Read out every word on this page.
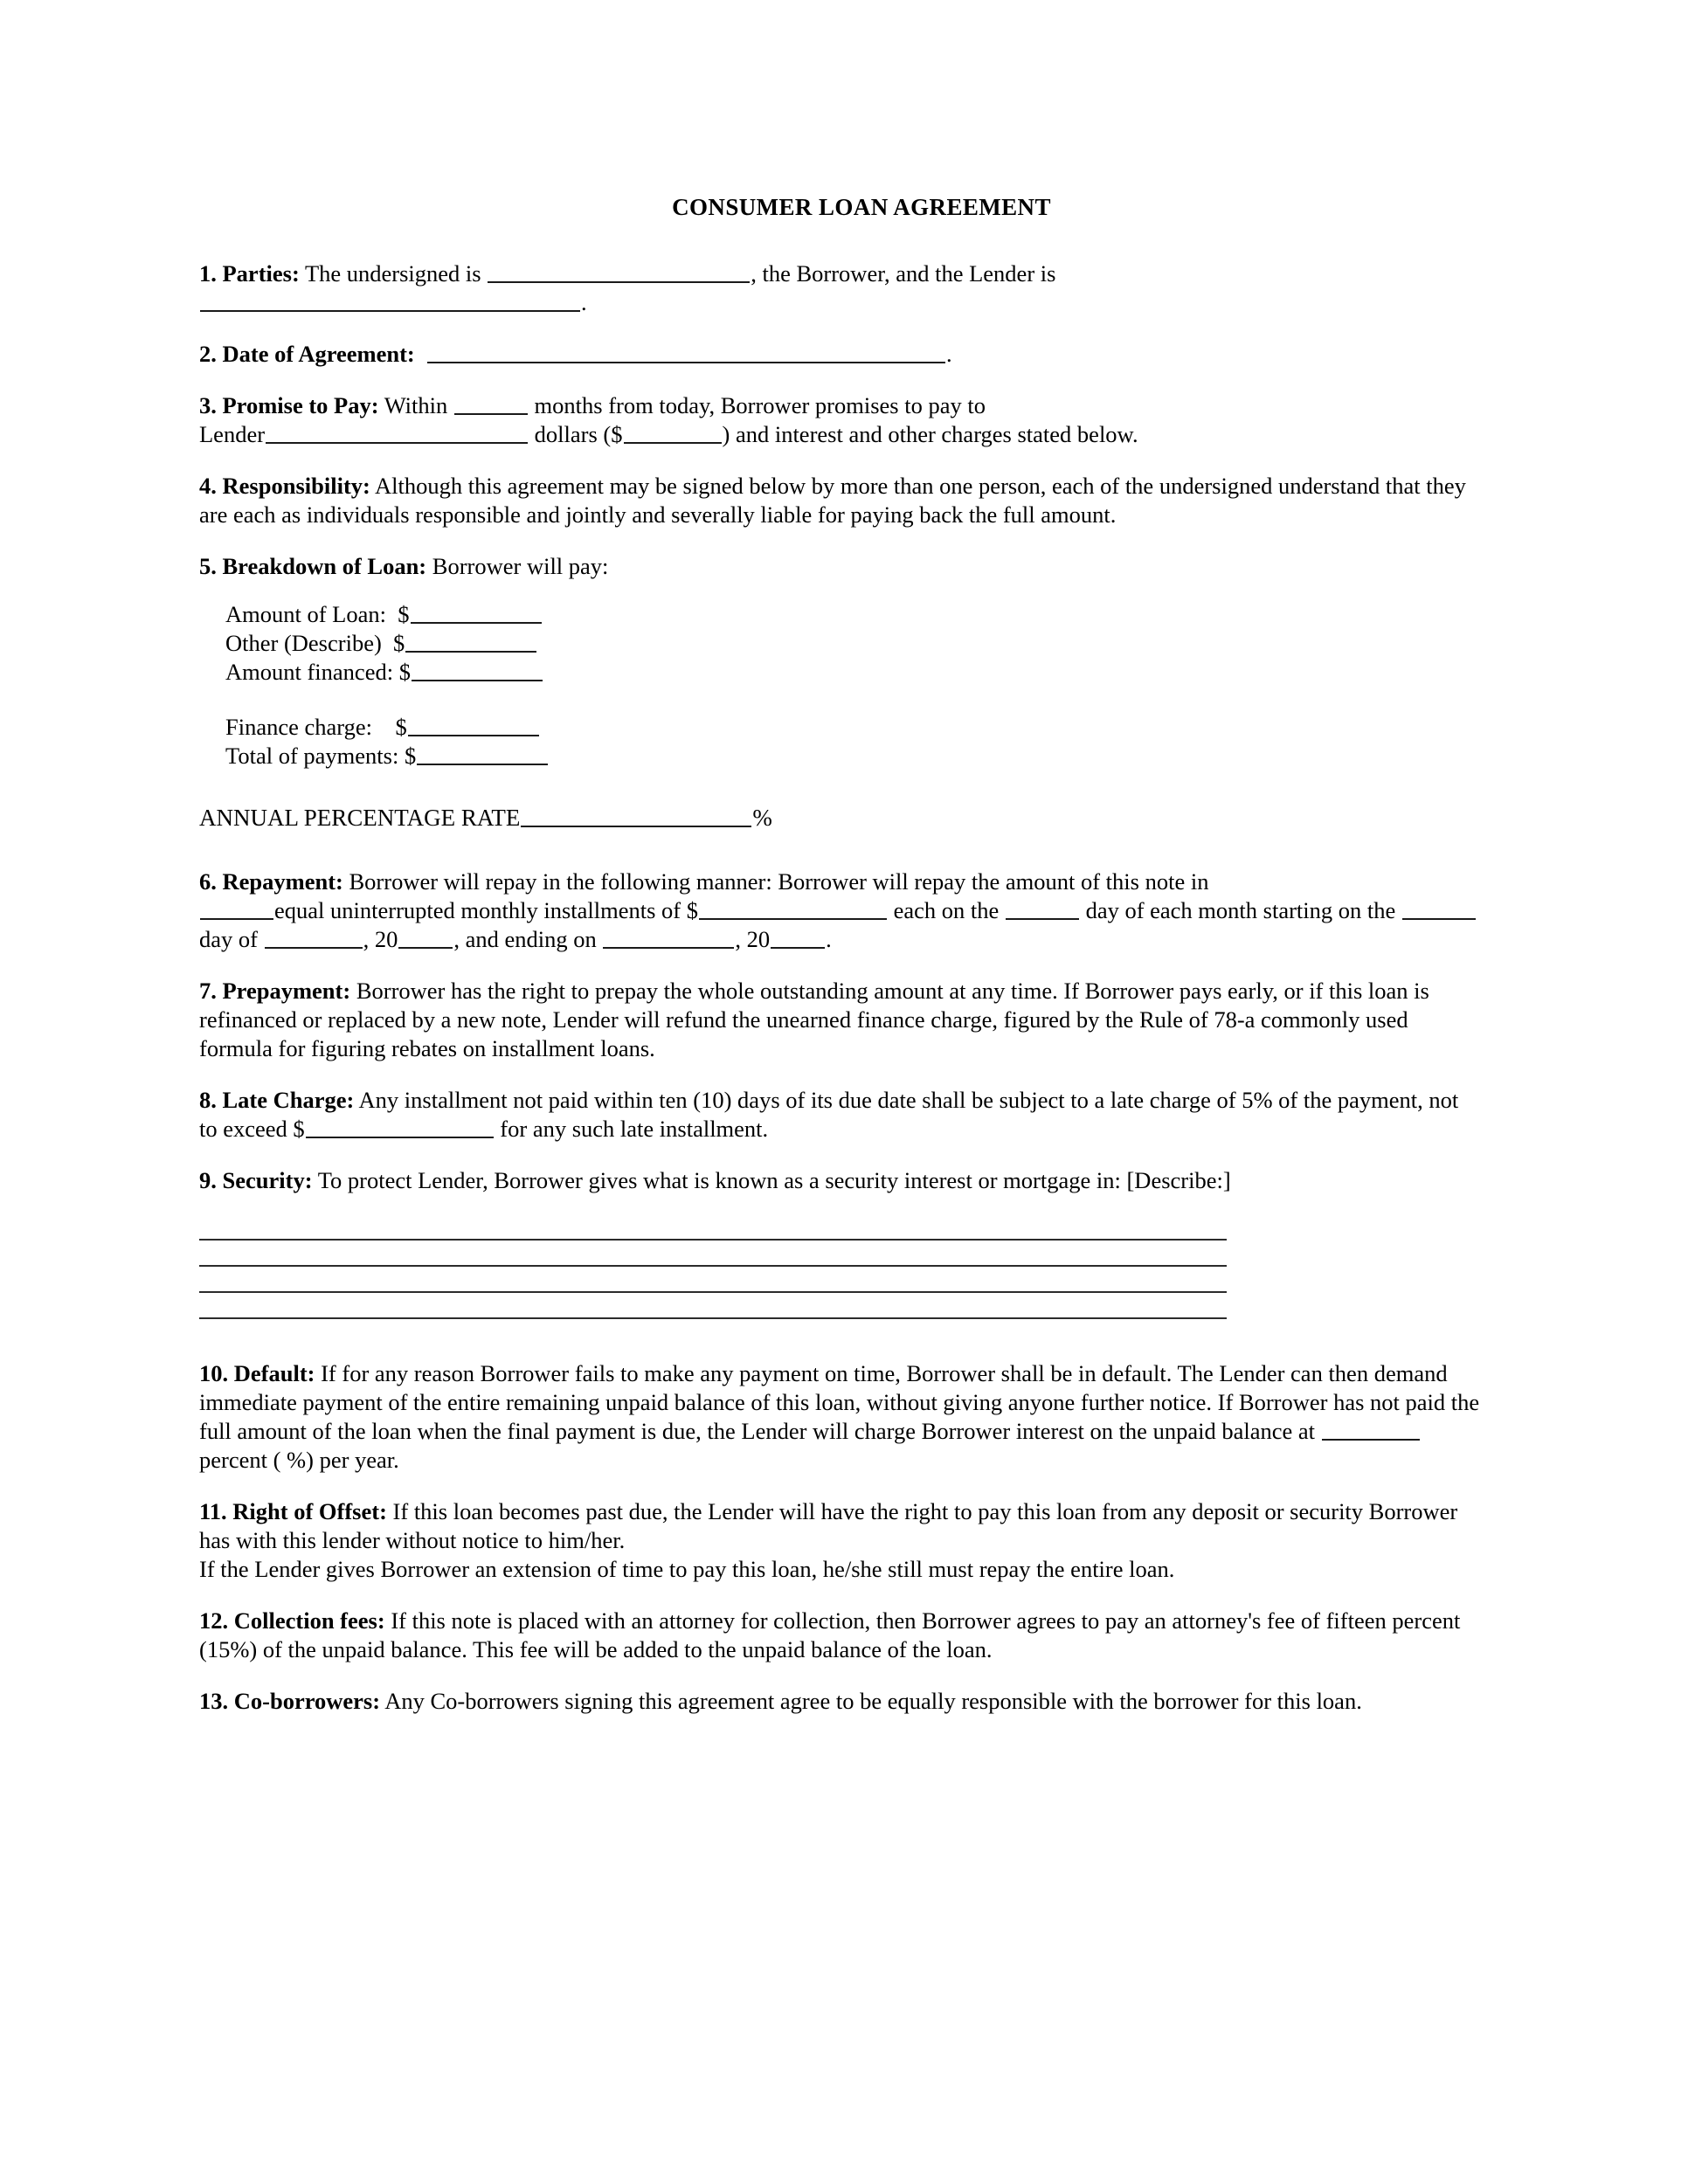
CONSUMER LOAN AGREEMENT

1. Parties: The undersigned is	, the Borrower, and the Lender is
.

2. Date of Agreement:	.

3. Promise to Pay: Within	months from today, Borrower promises to pay to
Lender	dollars ($	) and interest and other charges stated below.

4. Responsibility: Although this agreement may be signed below by more than one person, each of the undersigned understand that they are each as individuals responsible and jointly and severally liable for paying back the full amount.

5. Breakdown of Loan: Borrower will pay:

Amount of Loan: $
Other (Describe) $
Amount financed: $
Finance charge: $
Total of payments: $
ANNUAL PERCENTAGE RATE	%

6. Repayment: Borrower will repay in the following manner: Borrower will repay the amount of this note in
equal uninterrupted monthly installments of $	each on the	day of each month starting on the day of	, 20 , and ending on	, 20 .

7. Prepayment: Borrower has the right to prepay the whole outstanding amount at any time. If Borrower pays early, or if this loan is refinanced or replaced by a new note, Lender will refund the unearned finance charge, figured by the Rule of 78-a commonly used formula for figuring rebates on installment loans.

8. Late Charge: Any installment not paid within ten (10) days of its due date shall be subject to a late charge of 5% of the payment, not to exceed $	for any such late installment.

9. Security: To protect Lender, Borrower gives what is known as a security interest or mortgage in: [Describe:]

10. Default: If for any reason Borrower fails to make any payment on time, Borrower shall be in default. The Lender can then demand immediate payment of the entire remaining unpaid balance of this loan, without giving anyone further notice. If Borrower has not paid the full amount of the loan when the final payment is due, the Lender will charge Borrower interest on the unpaid balance at  percent ( %) per year.

11. Right of Offset: If this loan becomes past due, the Lender will have the right to pay this loan from any deposit or security Borrower has with this lender without notice to him/her.
If the Lender gives Borrower an extension of time to pay this loan, he/she still must repay the entire loan.

12. Collection fees: If this note is placed with an attorney for collection, then Borrower agrees to pay an attorney's fee of fifteen percent (15%) of the unpaid balance. This fee will be added to the unpaid balance of the loan.

13. Co-borrowers: Any Co-borrowers signing this agreement agree to be equally responsible with the borrower for this loan.
